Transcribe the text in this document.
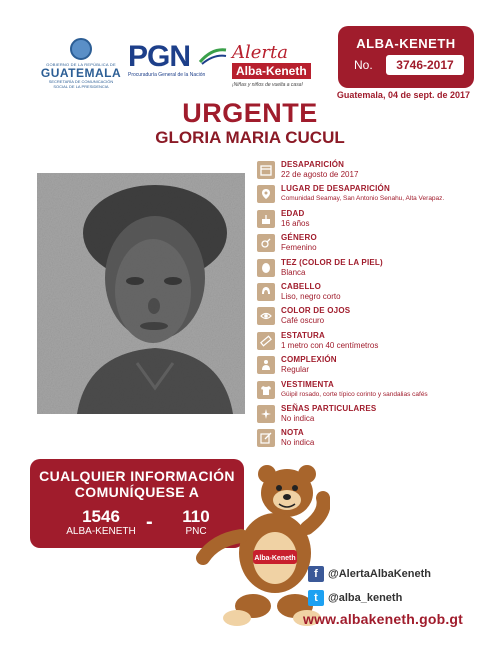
GOBIERNO DE LA REPÚBLICA DE
GUATEMALA
SECRETARÍA DE COMUNICACIÓN
SOCIAL DE LA PRESIDENCIA
PGN
Procuraduría General de la Nación
Alerta
Alba-Keneth
¡Niñas y niños de vuelta a casa!
ALBA-KENETH
No.	3746-2017
Guatemala, 04 de sept. de 2017
URGENTE
GLORIA MARIA CUCUL
DESAPARICIÓN
22 de agosto de 2017
LUGAR DE DESAPARICIÓN
Comunidad Seamay, San Antonio Senahu, Alta Verapaz.
EDAD
16 años
GÉNERO
Femenino
TEZ (COLOR DE LA PIEL)
Blanca
CABELLO
Liso, negro corto
COLOR DE OJOS
Café oscuro
ESTATURA
1 metro con 40 centímetros
COMPLEXIÓN
Regular
VESTIMENTA
Güipil rosado, corte típico corinto y sandalias cafés
SEÑAS PARTICULARES
No indica
NOTA
No indica
CUALQUIER INFORMACIÓN
COMUNÍQUESE A
1546
ALBA-KENETH -	110
PNC
Alba-Keneth
f @AlertaAlbaKeneth
t @alba_keneth
www.albakeneth.gob.gt
